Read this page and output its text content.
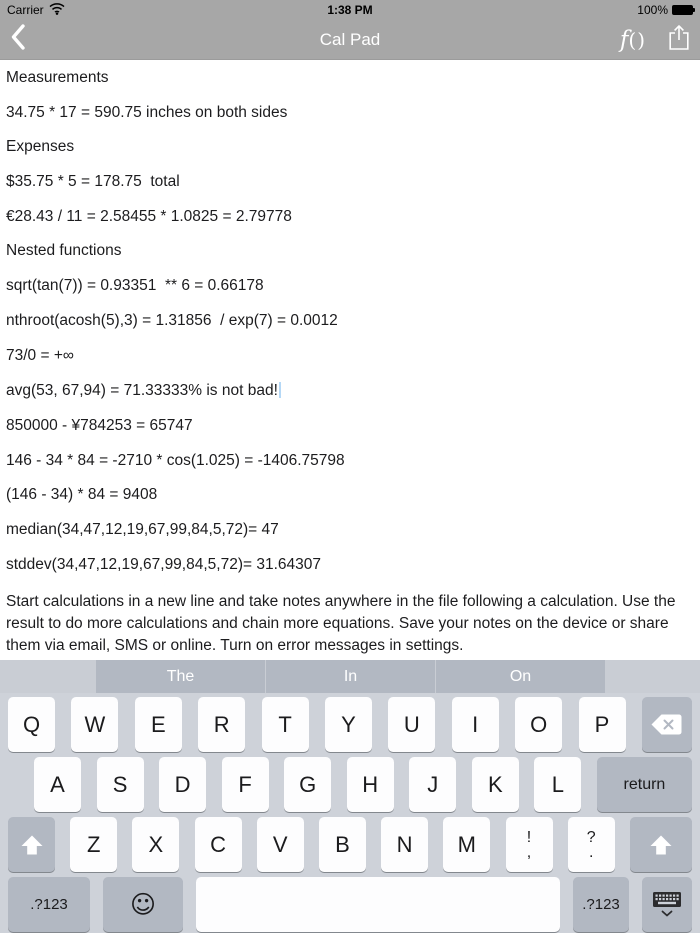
1:38 PM
Carrier	100%
Cal Pad	f()
Measurements
34.75 * 17 = 590.75 inches on both sides
Expenses
$35.75 * 5 = 178.75  total
€28.43 / 11 = 2.58455 * 1.0825 = 2.79778
Nested functions
sqrt(tan(7)) = 0.93351  ** 6 = 0.66178
nthroot(acosh(5),3) = 1.31856  / exp(7) = 0.0012
73/0 = +∞
avg(53, 67,94) = 71.33333% is not bad!
850000 - ¥784253 = 65747
146 - 34 * 84 = -2710 * cos(1.025) = -1406.75798
(146 - 34) * 84 = 9408
median(34,47,12,19,67,99,84,5,72)= 47
stddev(34,47,12,19,67,99,84,5,72)= 31.64307

Start calculations in a new line and take notes anywhere in the file following a calculation. Use the result to do more calculations and chain more equations. Save your notes on the device or share them via email, SMS or online. Turn on error messages in settings.

The	In	On
Q	W	E	R	T	Y	U	I	O	P
A	S	D	F	G	H	J	K	L	return
Z	X	C	V	B	N	M	!
,
?
.
.?123	☺	.?123
